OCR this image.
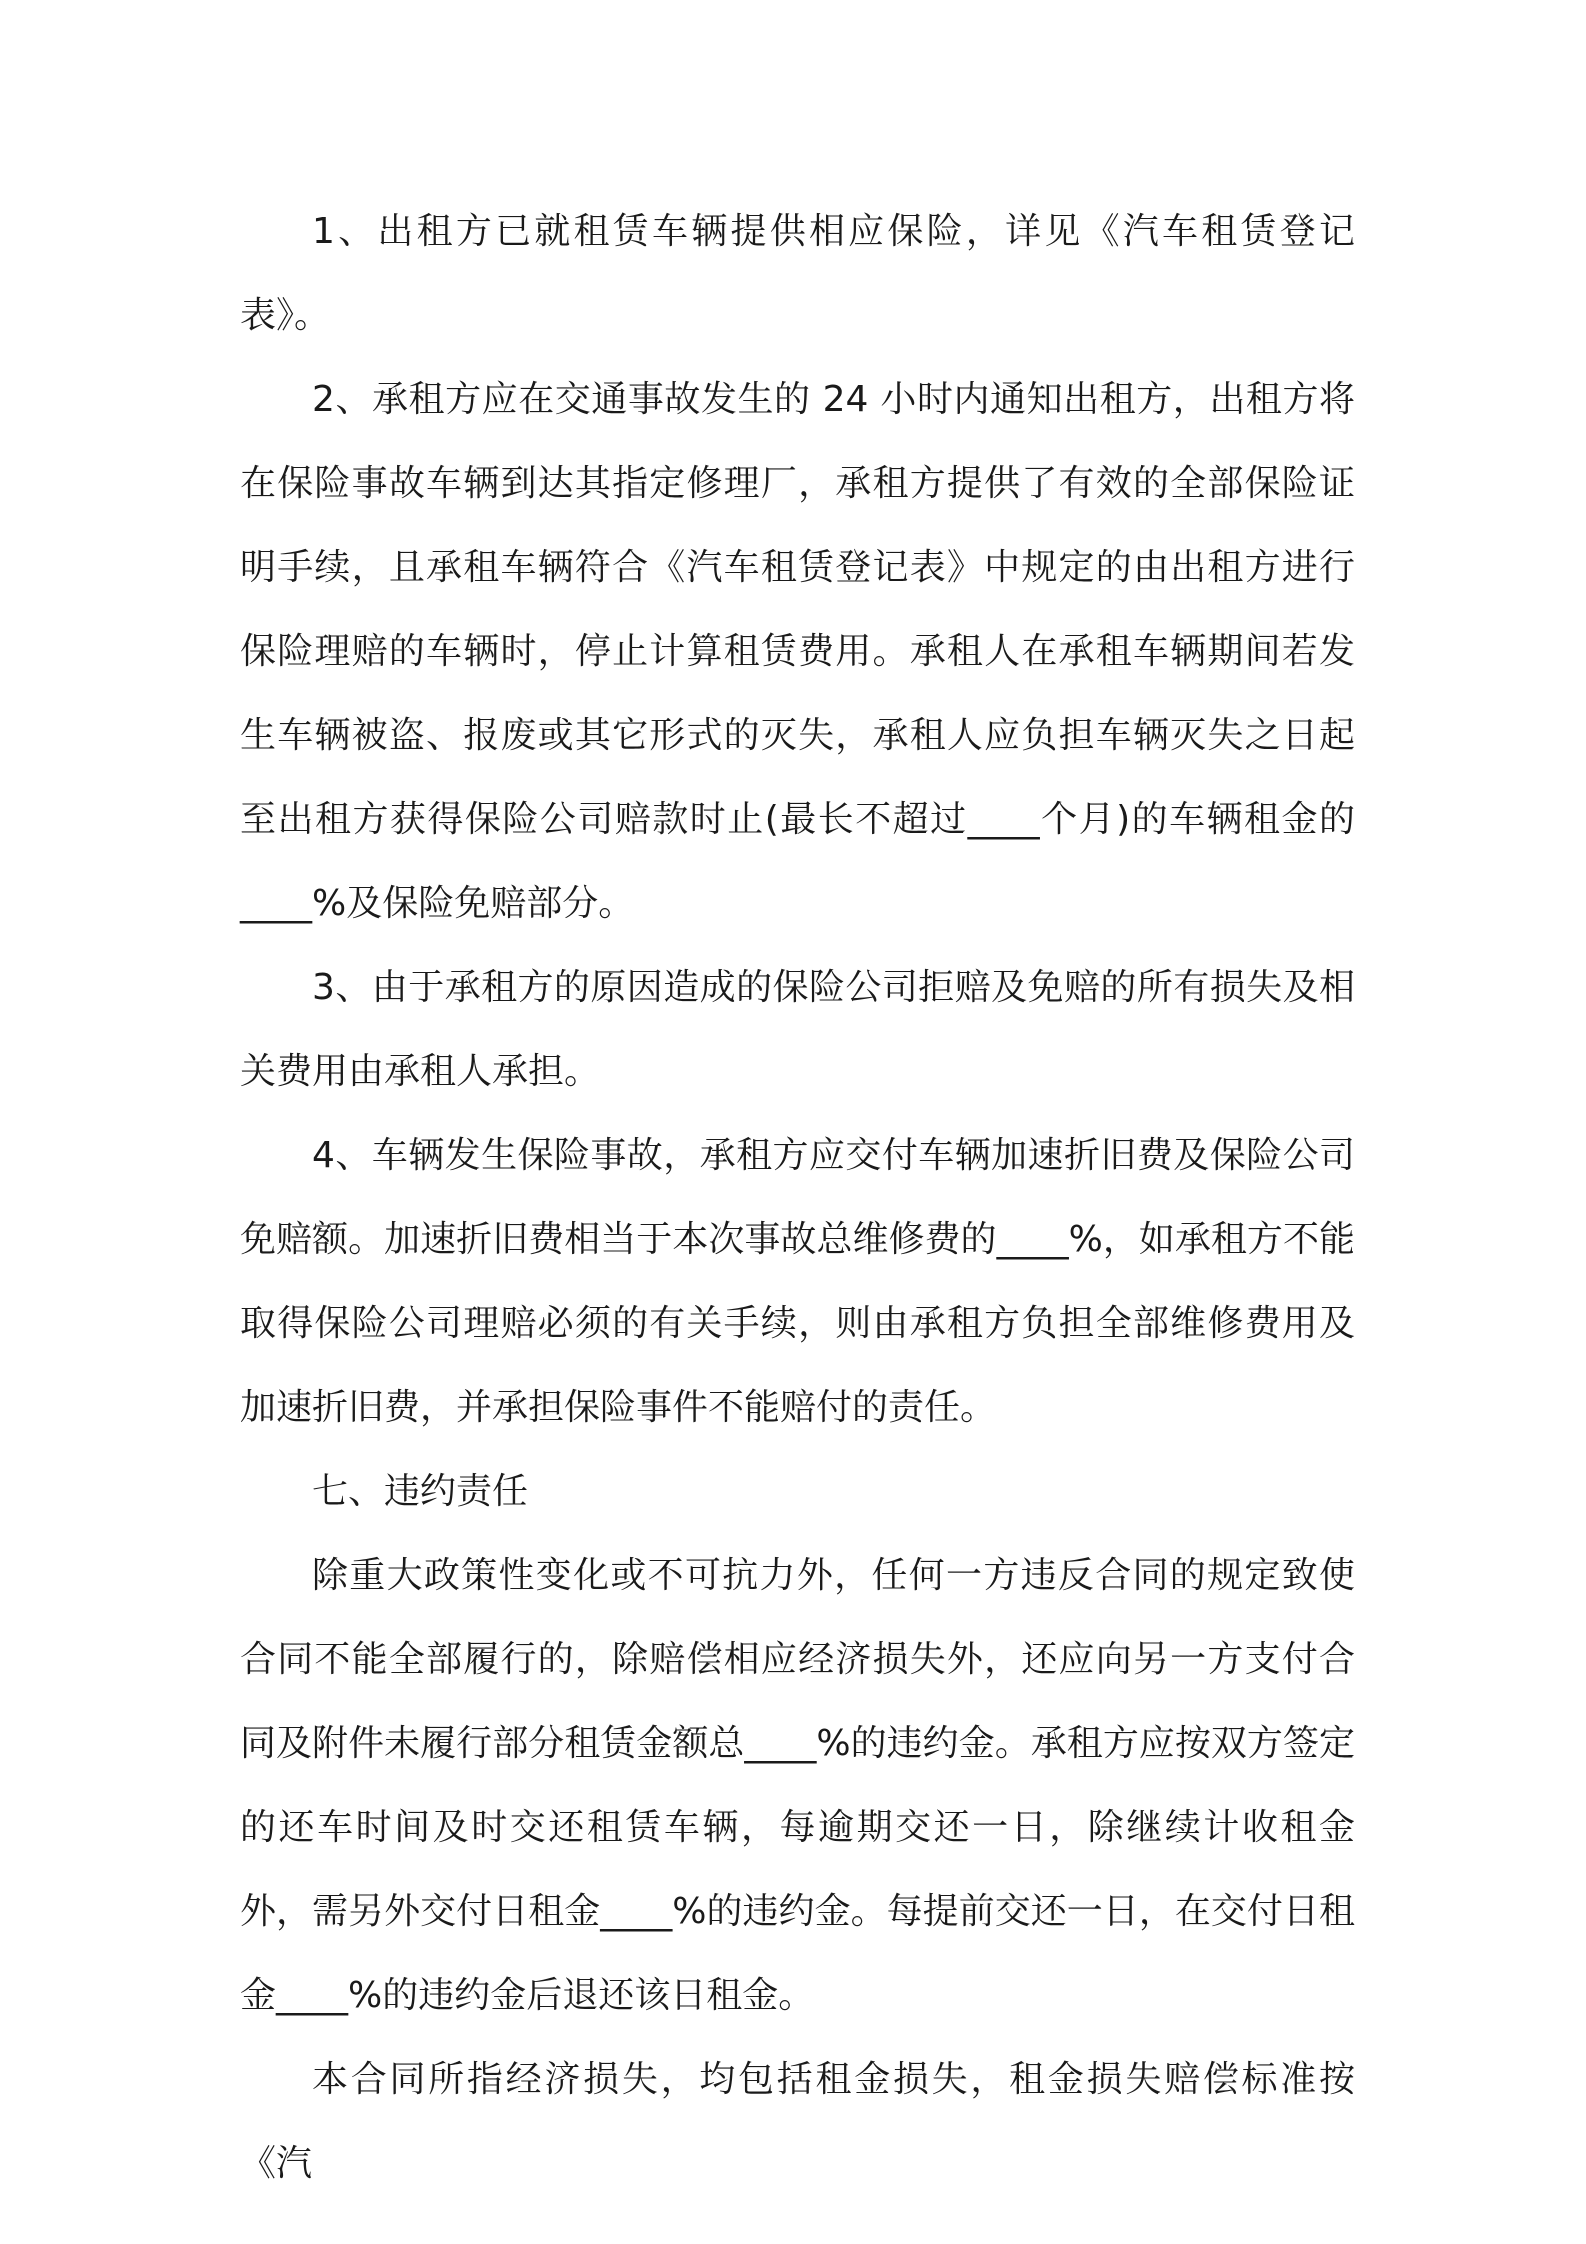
1、出租方已就租赁车辆提供相应保险，详见《汽车租赁登记表》。

2、承租方应在交通事故发生的 24 小时内通知出租方，出租方将在保险事故车辆到达其指定修理厂，承租方提供了有效的全部保险证明手续，且承租车辆符合《汽车租赁登记表》中规定的由出租方进行保险理赔的车辆时，停止计算租赁费用。承租人在承租车辆期间若发生车辆被盗、报废或其它形式的灭失，承租人应负担车辆灭失之日起至出租方获得保险公司赔款时止(最长不超过____个月)的车辆租金的____%及保险免赔部分。

3、由于承租方的原因造成的保险公司拒赔及免赔的所有损失及相关费用由承租人承担。

4、车辆发生保险事故，承租方应交付车辆加速折旧费及保险公司免赔额。加速折旧费相当于本次事故总维修费的____%，如承租方不能取得保险公司理赔必须的有关手续，则由承租方负担全部维修费用及加速折旧费，并承担保险事件不能赔付的责任。

七、违约责任

除重大政策性变化或不可抗力外，任何一方违反合同的规定致使合同不能全部履行的，除赔偿相应经济损失外，还应向另一方支付合同及附件未履行部分租赁金额总____%的违约金。承租方应按双方签定的还车时间及时交还租赁车辆，每逾期交还一日，除继续计收租金外，需另外交付日租金____%的违约金。每提前交还一日，在交付日租金____%的违约金后退还该日租金。

本合同所指经济损失，均包括租金损失，租金损失赔偿标准按《汽
